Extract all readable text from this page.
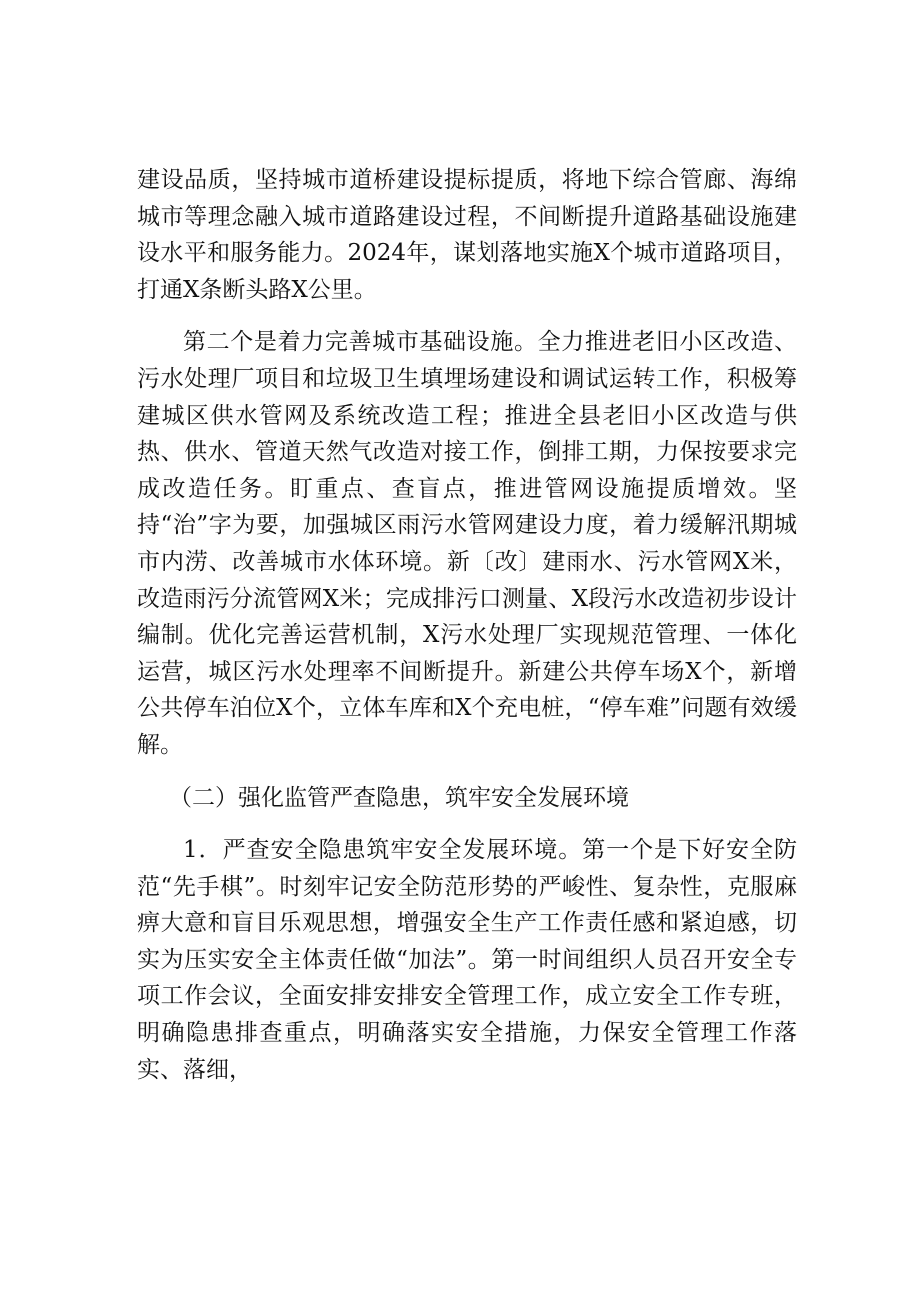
建设品质，坚持城市道桥建设提标提质，将地下综合管廊、海绵城市等理念融入城市道路建设过程，不间断提升道路基础设施建设水平和服务能力。2024年，谋划落地实施X个城市道路项目，打通X条断头路X公里。

第二个是着力完善城市基础设施。全力推进老旧小区改造、污水处理厂项目和垃圾卫生填埋场建设和调试运转工作，积极筹建城区供水管网及系统改造工程；推进全县老旧小区改造与供热、供水、管道天然气改造对接工作，倒排工期，力保按要求完成改造任务。盯重点、查盲点，推进管网设施提质增效。坚持“治”字为要，加强城区雨污水管网建设力度，着力缓解汛期城市内涝、改善城市水体环境。新〔改〕建雨水、污水管网X米，改造雨污分流管网X米；完成排污口测量、X段污水改造初步设计编制。优化完善运营机制，X污水处理厂实现规范管理、一体化运营，城区污水处理率不间断提升。新建公共停车场X个，新增公共停车泊位X个，立体车库和X个充电桩，“停车难”问题有效缓解。

（二）强化监管严查隐患，筑牢安全发展环境

1．严查安全隐患筑牢安全发展环境。第一个是下好安全防范“先手棋”。时刻牢记安全防范形势的严峻性、复杂性，克服麻痹大意和盲目乐观思想，增强安全生产工作责任感和紧迫感，切实为压实安全主体责任做“加法”。第一时间组织人员召开安全专项工作会议，全面安排安排安全管理工作，成立安全工作专班，明确隐患排查重点，明确落实安全措施，力保安全管理工作落实、落细，
